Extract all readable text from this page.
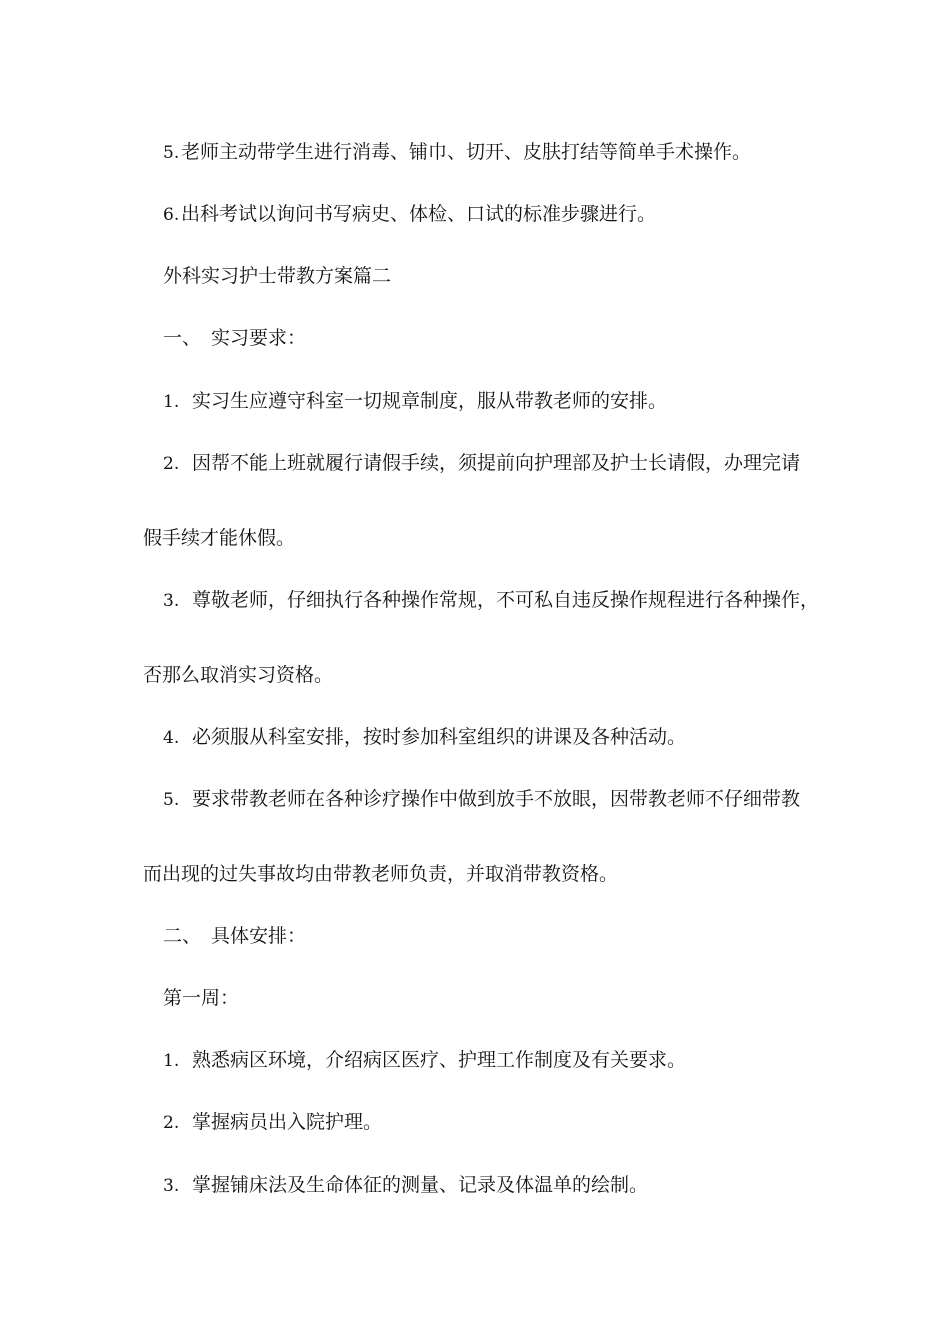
5.老师主动带学生进行消毒、铺巾、切开、皮肤打结等简单手术操作。
6.出科考试以询问书写病史、体检、口试的标准步骤进行。
外科实习护士带教方案篇二
一、 实习要求：
1. 实习生应遵守科室一切规章制度，服从带教老师的安排。
2. 因帮不能上班就履行请假手续，须提前向护理部及护士长请假，办理完请
假手续才能休假。
3. 尊敬老师，仔细执行各种操作常规，不可私自违反操作规程进行各种操作，
否那么取消实习资格。
4. 必须服从科室安排，按时参加科室组织的讲课及各种活动。
5. 要求带教老师在各种诊疗操作中做到放手不放眼，因带教老师不仔细带教
而出现的过失事故均由带教老师负责，并取消带教资格。
二、 具体安排：
第一周：
1. 熟悉病区环境，介绍病区医疗、护理工作制度及有关要求。
2. 掌握病员出入院护理。
3. 掌握铺床法及生命体征的测量、记录及体温单的绘制。
